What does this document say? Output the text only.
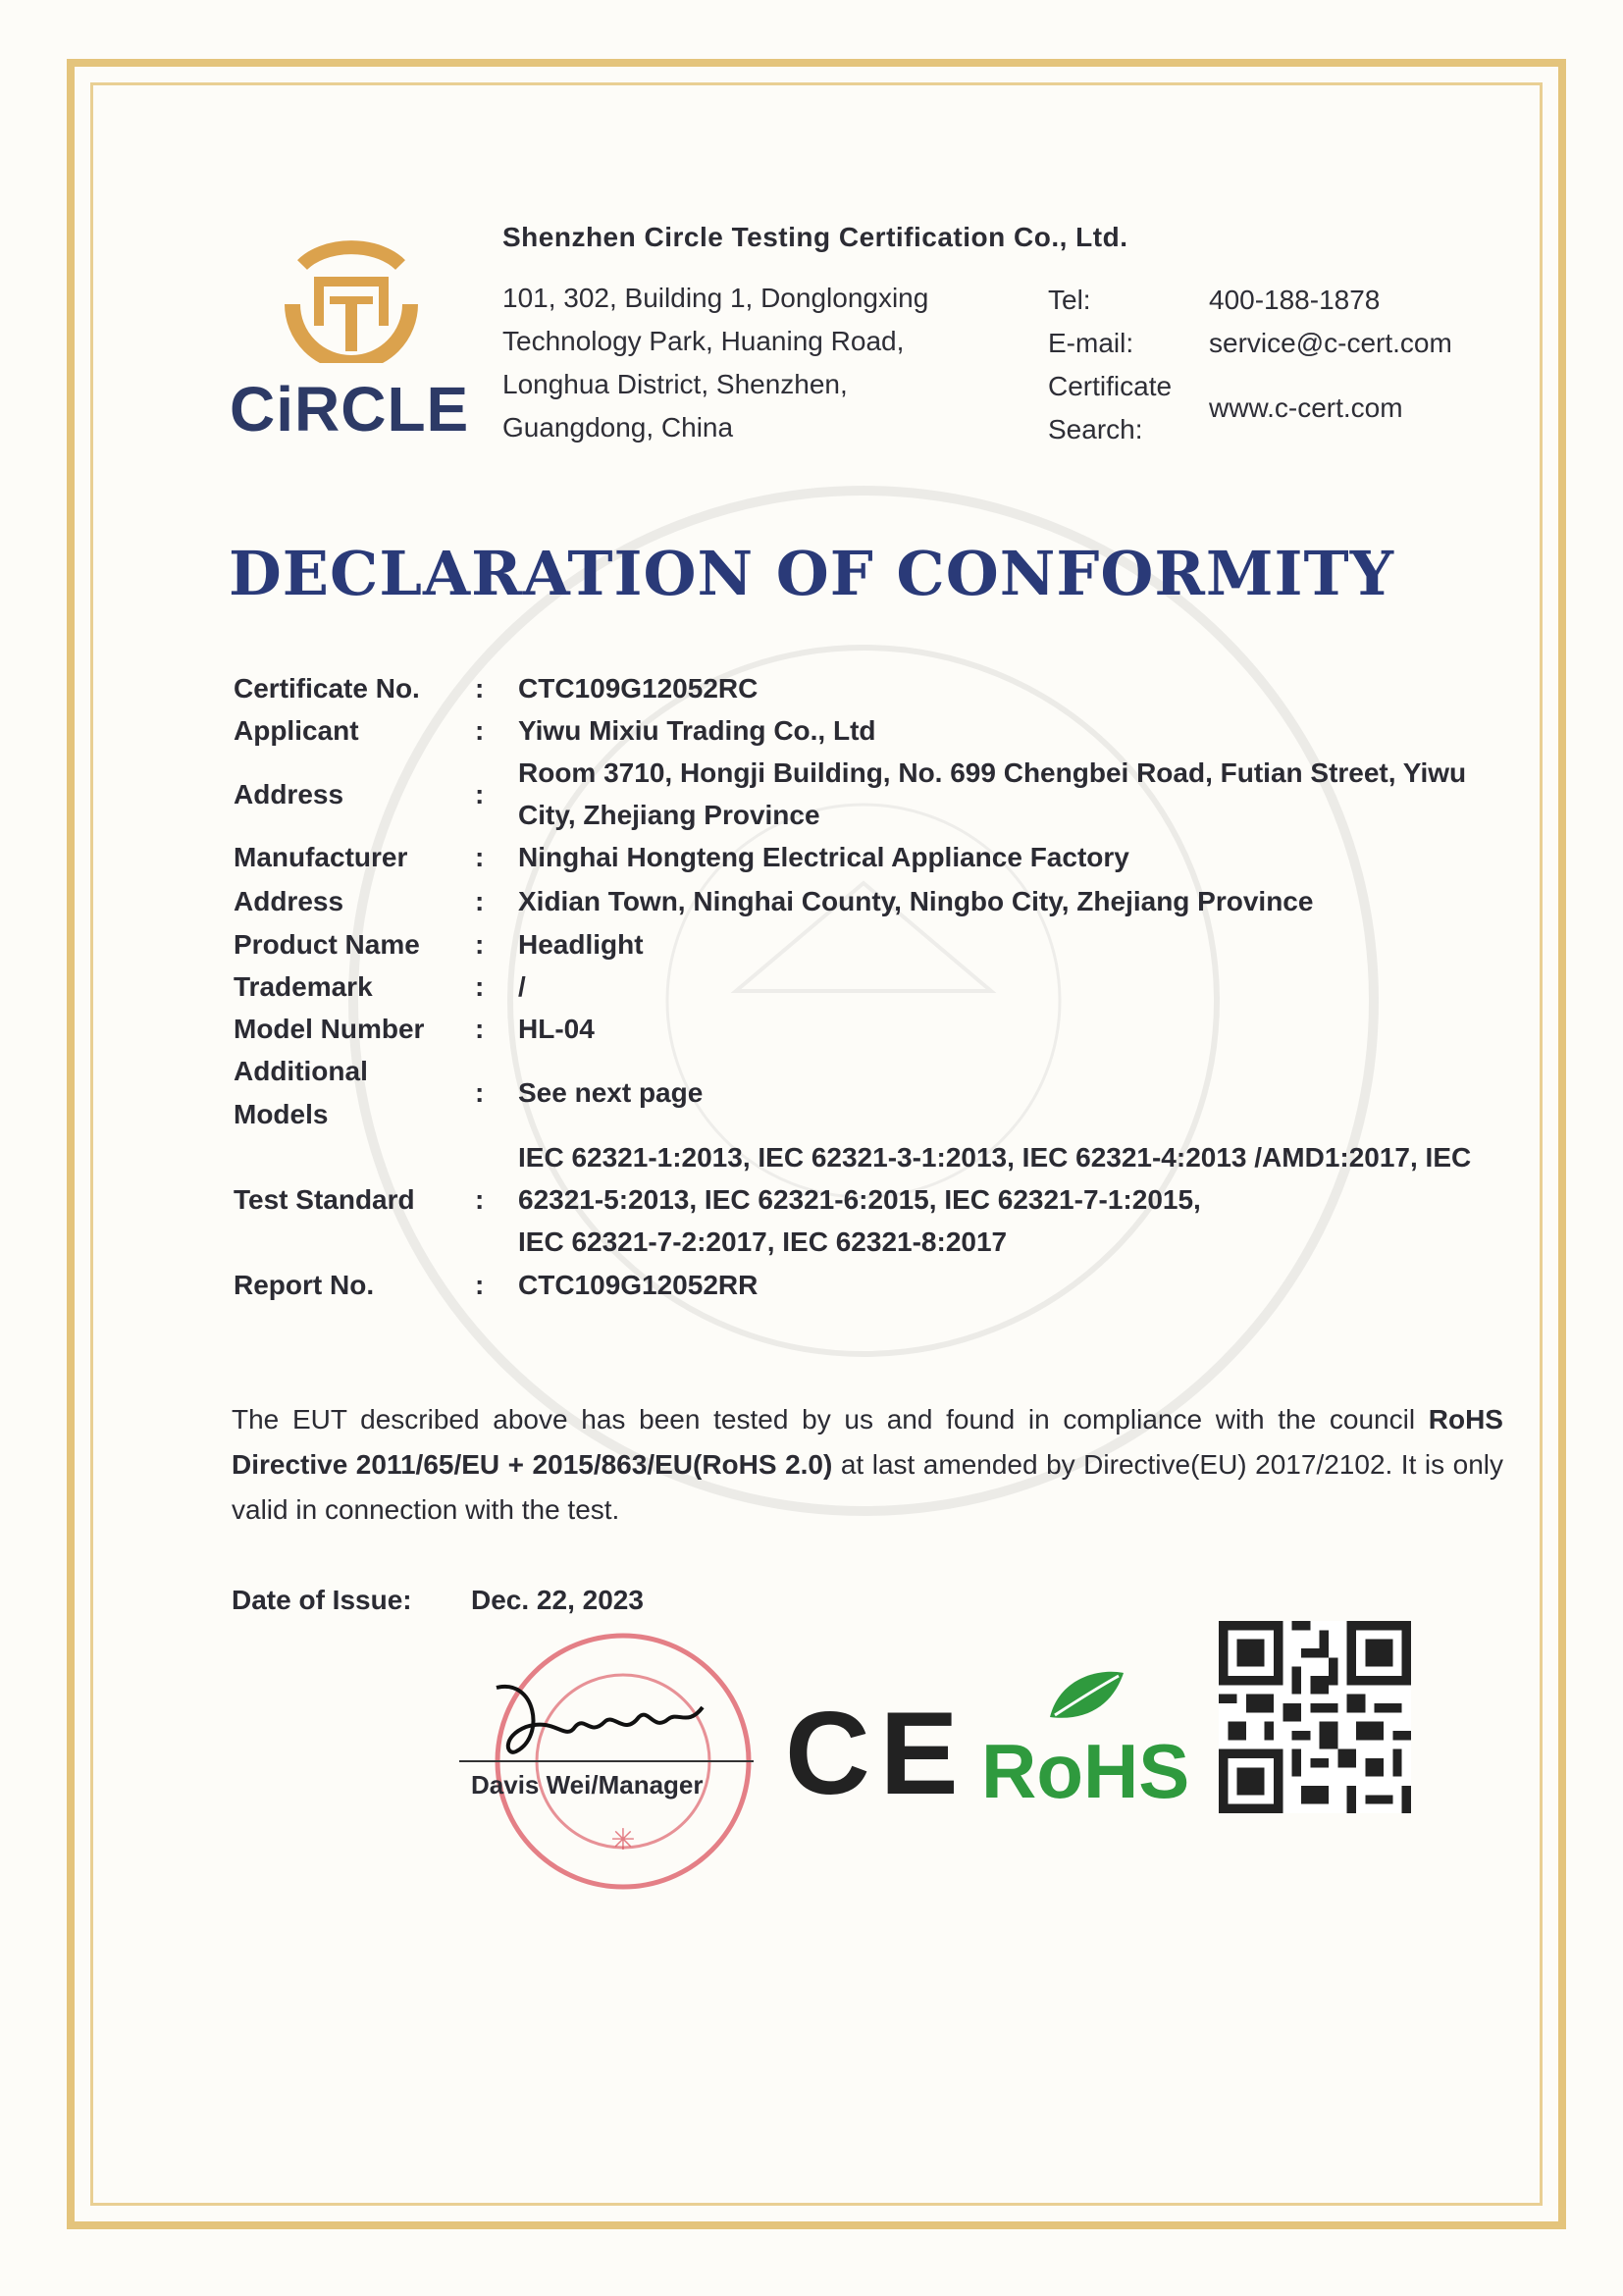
CiRCLE
Shenzhen Circle Testing Certification Co., Ltd.
101, 302, Building 1, Donglongxing
Technology Park, Huaning Road,
Longhua District, Shenzhen,
Guangdong, China
Tel:	400-188-1878
E-mail:	service@c-cert.com
Certificate
Search:
www.c-cert.com
DECLARATION OF CONFORMITY
Certificate No. : CTC109G12052RC
Applicant	: Yiwu Mixiu Trading Co., Ltd
Address	:
Room 3710, Hongji Building, No. 699 Chengbei Road, Futian Street, Yiwu
City, Zhejiang Province
Manufacturer : Ninghai Hongteng Electrical Appliance Factory
Address	: Xidian Town, Ninghai County, Ningbo City, Zhejiang Province
Product Name : Headlight
Trademark	: /
Model Number : HL-04
Additional
Models
: See next page
IEC 62321-1:2013, IEC 62321-3-1:2013, IEC 62321-4:2013 /AMD1:2017, IEC
Test Standard : 62321-5:2013, IEC 62321-6:2015, IEC 62321-7-1:2015,
IEC 62321-7-2:2017, IEC 62321-8:2017
Report No.	: CTC109G12052RR
The EUT described above has been tested by us and found in compliance with the council RoHS Directive 2011/65/EU + 2015/863/EU(RoHS 2.0) at last amended by Directive(EU) 2017/2102. It is only valid in connection with the test.
Date of Issue: Dec. 22, 2023
✳
Davis Wei/Manager CE RoHS
